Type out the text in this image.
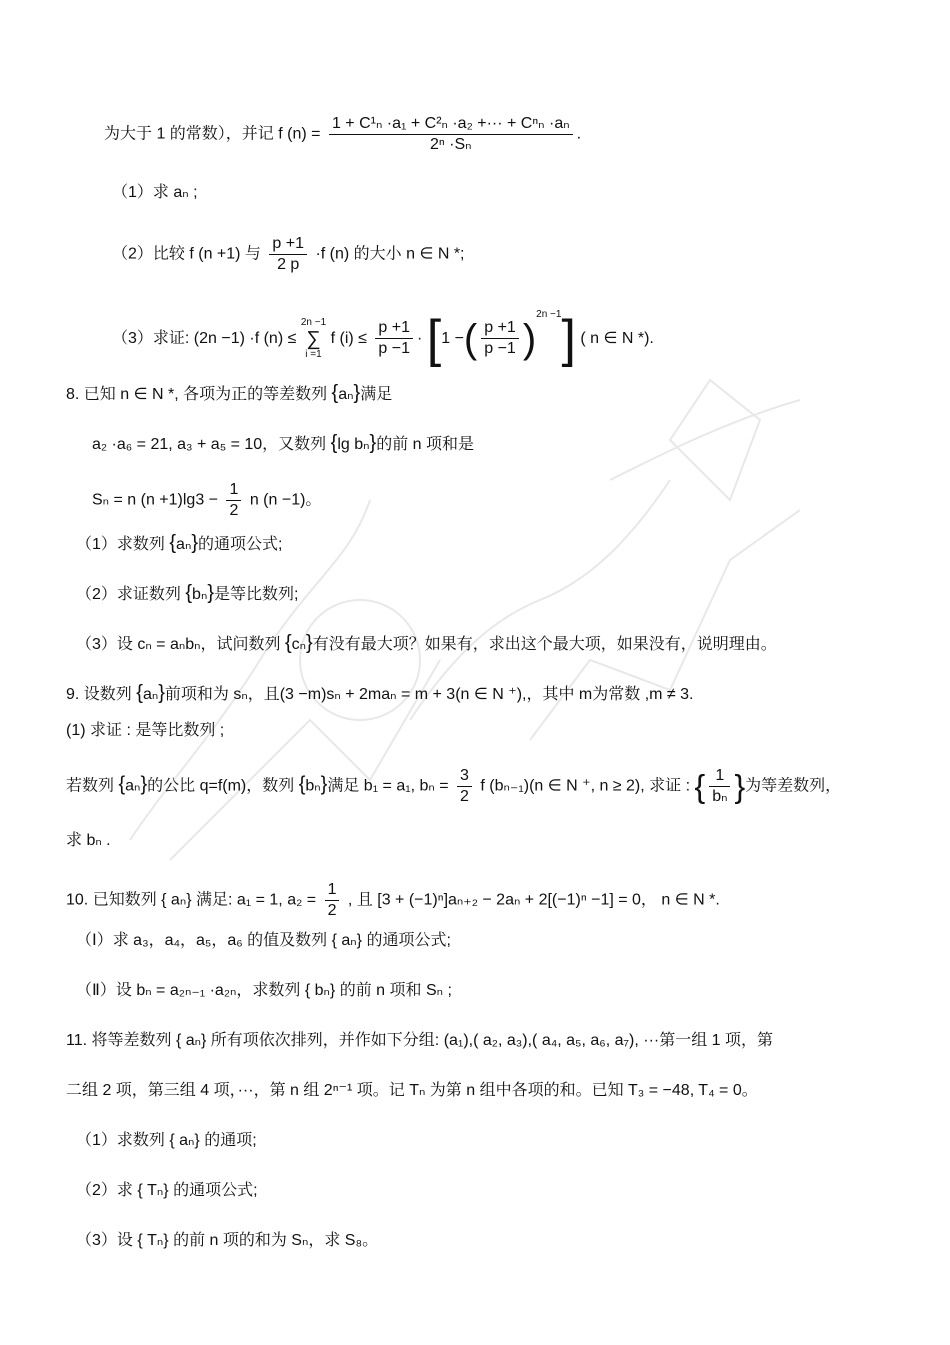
为大于 1 的常数），并记 f $(n) = \frac{\text{1 + C¹ₙ ·a₁ + C²ₙ ·a₂ +··· + Cⁿₙ ·aₙ}}{\text{2ⁿ ·Sₙ}}$ .
（1）求 aₙ ;
（2）比较 f (n +1) 与 $\frac{p +1}{2 p} \cdot f$ (n) 的大小 n ∈ N *;
（3）求证: (2n −1) ·f (n) ≤
2n −1
∑
i =1
f $(i) \le \frac{p +1}{p -1} \cdot [1$ −( $\frac{p +1}{p -1} )^{2n -1}$] ( n ∈ N *).
8. 已知 n ∈ N *, 各项为正的等差数列 {aₙ}满足
a₂ ·a₆ = 21, a₃ + a₅ = 10，又数列 {lg bₙ}的前 n 项和是
Sₙ = n $(n +1)\lg 3 - \frac{1}{2}$ n (n −1)。
（1）求数列 {aₙ}的通项公式;
（2）求证数列 {bₙ}是等比数列;
（3）设 cₙ = aₙbₙ，试问数列 {cₙ}有没有最大项？如果有，求出这个最大项，如果没有，说明理由。
9. 设数列 {aₙ}前项和为 sₙ，且(3 −m)sₙ + 2maₙ = m + 3(n ∈ N ⁺),，其中 m为常数 ,m ≠ 3.
(1) 求证 : 是等比数列 ;
若数列 {aₙ}的公比 q=f(m)，数列 {bₙ}满足 b₁ = a₁, $b_n = \frac{3}{2}$ f (bₙ₋₁)(n ∈ N ⁺, n ≥ 2), 求证 : { $\frac{1}{\text{bₙ}}$ }为等差数列，
求 bₙ .
10. 已知数列 { aₙ} 满足: a₁ = 1, $a_2 = \frac{1}{2}$ , 且 [3 + (−1)ⁿ]aₙ₊₂ − 2aₙ + 2[(−1)ⁿ −1] = 0， n ∈ N *.
（Ⅰ）求 a₃，a₄，a₅，a₆ 的值及数列 { aₙ} 的通项公式;
（Ⅱ）设 bₙ = a₂ₙ₋₁ ·a₂ₙ，求数列 { bₙ} 的前 n 项和 Sₙ ;
11. 将等差数列 { aₙ} 所有项依次排列，并作如下分组: (a₁),( a₂, a₃),( a₄, a₅, a₆, a₇), ···第一组 1 项，第
二组 2 项，第三组 4 项，···，第 n 组 2ⁿ⁻¹ 项。记 Tₙ 为第 n 组中各项的和。已知 T₃ = −48, T₄ = 0。
（1）求数列 { aₙ} 的通项;
（2）求 { Tₙ} 的通项公式;
（3）设 { Tₙ} 的前 n 项的和为 Sₙ，求 S₈。
